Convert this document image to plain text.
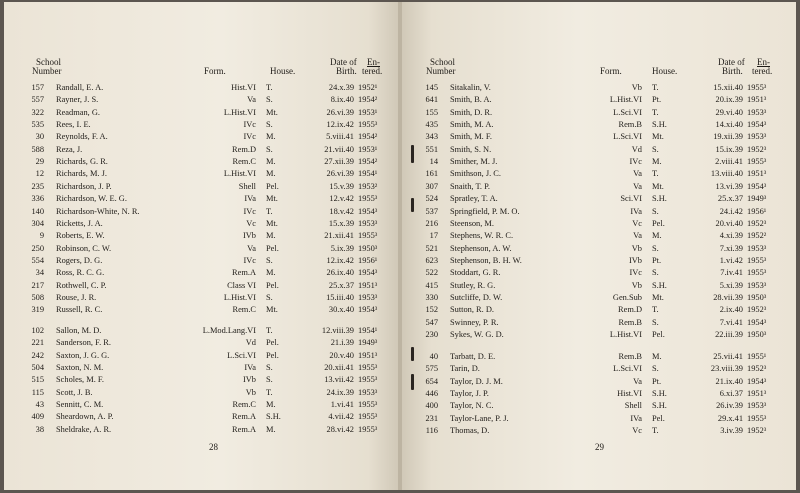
School
Number	Form.	House.
Date of
Birth.
En-
tered.
157 Randall, E. A.	Hist.VI T.	24.x.39 1952¹
557 Rayner, J. S.	Va S.	8.ix.40 1954²
322 Readman, G.	L.Hist.VI Mt.	26.vi.39 1953¹
535 Rees, I. E.	IVc S.	12.ix.42 1955³
30 Reynolds, F. A.	IVc M.	5.viii.41 1954²
588 Reza, J.	Rem.D S.	21.vii.40 1953¹
29 Richards, G. R.	Rem.C M.	27.xii.39 1954²
12 Richards, M. J.	L.Hist.VI M.	26.vi.39 1954¹
235 Richardson, J. P.	Shell Pel.	15.v.39 1953²
336 Richardson, W. E. G.	IVa Mt.	12.v.42 1955³
140 Richardson-White, N. R.	IVc T.	18.v.42 1954³
304 Ricketts, J. A.	Vc Mt.	15.x.39 1953³
9 Roberts, E. W.	IVb M.	21.xii.41 1955³
250 Robinson, C. W.	Va Pel.	5.ix.39 1950³
554 Rogers, D. G.	IVc S.	12.ix.42 1956¹
34 Ross, R. C. G.	Rem.A M.	26.ix.40 1954³
217 Rothwell, C. P.	Class VI Pel.	25.x.37 1951³
508 Rouse, J. R.	L.Hist.VI S.	15.iii.40 1953³
319 Russell, R. C.	Rem.C Mt.	30.x.40 1954³
102 Sallon, M. D.	L.Mod.Lang.VI T.	12.viii.39 1954¹
221 Sanderson, F. R.	Vd Pel.	21.i.39 1949³
242 Saxton, J. G. G.	L.Sci.VI Pel.	20.v.40 1951³
504 Saxton, N. M.	IVa S.	20.xii.41 1955³
515 Scholes, M. F.	IVb S.	13.vii.42 1955³
115 Scott, J. B.	Vb T.	24.ix.39 1953³
43 Sennitt, C. M.	Rem.C M.	1.vi.41 1955³
409 Sheardown, A. P.	Rem.A S.H.	4.vii.42 1955³
38 Sheldrake, A. R.	Rem.A M.	28.vi.42 1955³
28
School
Number	Form.	House.
Date of
Birth.
En-
tered.
145 Sitakalin, V.	Vb T.	15.xii.40 1955³
641 Smith, B. A.	L.Hist.VI Pt.	20.ix.39 1951³
155 Smith, D. R.	L.Sci.VI T.	29.vi.40 1953³
435 Smith, M. A.	Rem.B S.H.	14.xi.40 1954³
343 Smith, M. F.	L.Sci.VI Mt.	19.xii.39 1953³
551 Smith, S. N.	Vd S.	15.ix.39 1952³
14 Smither, M. J.	IVc M.	2.viii.41 1955³
161 Smithson, J. C.	Va T.	13.viii.40 1951³
307 Snaith, T. P.	Va Mt.	13.vi.39 1954³
524 Spratley, T. A.	Sci.VI S.H.	25.x.37 1949³
537 Springfield, P. M. O.	IVa S.	24.i.42 1956¹
216 Steenson, M.	Vc Pel.	20.vi.40 1952³
17 Stephens, W. R. C.	Va M.	4.xi.39 1952²
521 Stephenson, A. W.	Vb S.	7.xi.39 1953³
623 Stephenson, B. H. W.	IVb Pt.	1.vi.42 1955³
522 Stoddart, G. R.	IVc S.	7.iv.41 1955³
415 Stutley, R. G.	Vb S.H.	5.xi.39 1953³
330 Sutcliffe, D. W.	Gen.Sub Mt.	28.vii.39 1950³
152 Sutton, R. D.	Rem.D T.	2.ix.40 1952³
547 Swinney, P. R.	Rem.B S.	7.vi.41 1954³
230 Sykes, W. G. D.	L.Hist.VI Pel.	22.iii.39 1950³
40 Tarbatt, D. E.	Rem.B M.	25.vii.41 1955¹
575 Tarin, D.	L.Sci.VI S.	23.viii.39 1952³
654 Taylor, D. J. M.	Va Pt.	21.ix.40 1954³
446 Taylor, J. P.	Hist.VI S.H.	6.xi.37 1951³
400 Taylor, N. C.	Shell S.H.	26.iv.39 1953³
231 Taylor-Lane, P. J.	IVa Pel.	29.x.41 1955³
116 Thomas, D.	Vc T.	3.iv.39 1952³
29
